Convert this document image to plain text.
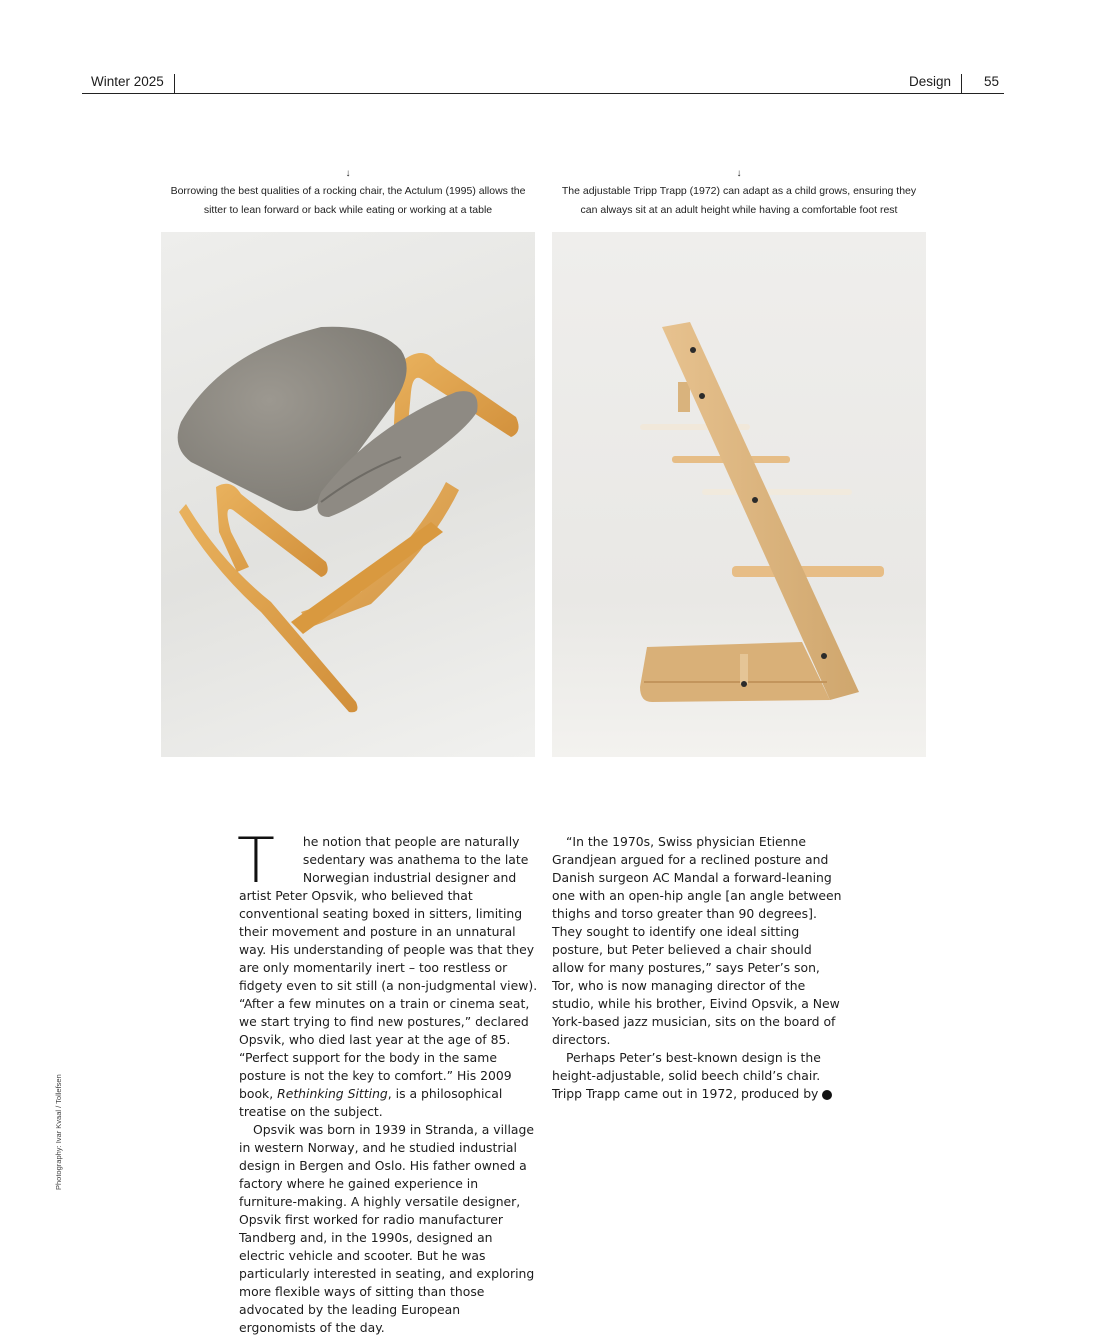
Winter 2025	Design	55
↓
Borrowing the best qualities of a rocking chair, the Actulum (1995) allows the sitter to lean forward or back while eating or working at a table
↓
The adjustable Tripp Trapp (1972) can adapt as a child grows, ensuring they can always sit at an adult height while having a comfortable foot rest
Photography: Ivar Kvaal / Tollefsen

T he notion that people are naturally sedentary was anathema to the late Norwegian industrial designer and artist Peter Opsvik, who believed that conventional seating boxed in sitters, limiting their movement and posture in an unnatural way. His understanding of people was that they are only momentarily inert – too restless or fidgety even to sit still (a non-judgmental view). “After a few minutes on a train or cinema seat, we start trying to find new postures,” declared Opsvik, who died last year at the age of 85. “Perfect support for the body in the same posture is not the key to comfort.” His 2009 book, Rethinking Sitting, is a philosophical treatise on the subject.

Opsvik was born in 1939 in Stranda, a village in western Norway, and he studied industrial design in Bergen and Oslo. His father owned a factory where he gained experience in furniture-making. A highly versatile designer, Opsvik first worked for radio manufacturer Tandberg and, in the 1990s, designed an electric vehicle and scooter. But he was particularly interested in seating, and exploring more flexible ways of sitting than those advocated by the leading European ergonomists of the day.

“In the 1970s, Swiss physician Etienne Grandjean argued for a reclined posture and Danish surgeon AC Mandal a forward-leaning one with an open-hip angle [an angle between thighs and torso greater than 90 degrees]. They sought to identify one ideal sitting posture, but Peter believed a chair should allow for many postures,” says Peter’s son, Tor, who is now managing director of the studio, while his brother, Eivind Opsvik, a New York-based jazz musician, sits on the board of directors.

Perhaps Peter’s best-known design is the height-adjustable, solid beech child’s chair. Tripp Trapp came out in 1972, produced by ➜
